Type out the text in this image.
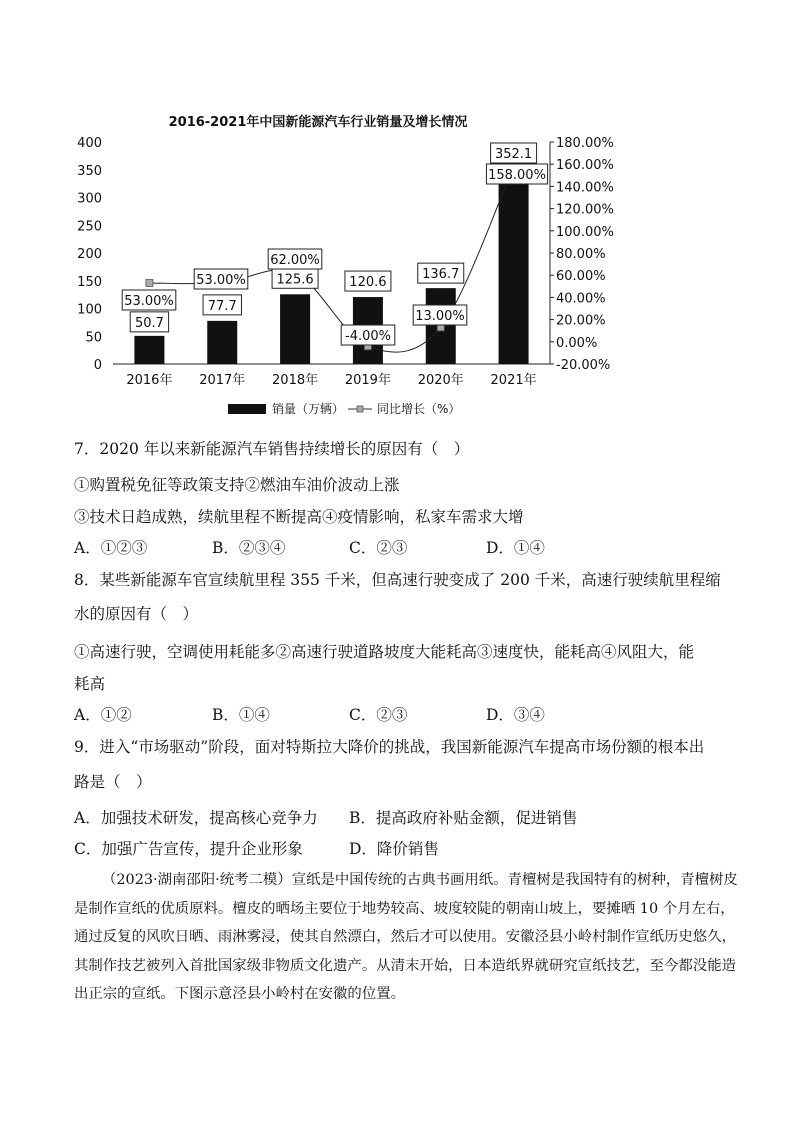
2016-2021年中国新能源汽车行业销量及增长情况
0
50
100
150
200
250
300
350
400
-20.00%
0.00%
20.00%
40.00%
60.00%
80.00%
100.00%
120.00%
140.00%
160.00%
180.00%
2016年 2017年 2018年 2019年 2020年 2021年
50.7
77.7
125.6	120.6
136.7
352.1
53.00%
53.00%
62.00%
-4.00%
13.00%
158.00%
销量（万辆）	同比增长（%）
7．2020 年以来新能源汽车销售持续增长的原因有（　）
①购置税免征等政策支持②燃油车油价波动上涨
③技术日趋成熟，续航里程不断提高④疫情影响，私家车需求大增
A．①②③	B．②③④	C．②③	D．①④
8．某些新能源车官宣续航里程 355 千米，但高速行驶变成了 200 千米，高速行驶续航里程缩
水的原因有（　）
①高速行驶，空调使用耗能多②高速行驶道路坡度大能耗高③速度快，能耗高④风阻大，能
耗高
A．①②	B．①④	C．②③	D．③④
9．进入“市场驱动”阶段，面对特斯拉大降价的挑战，我国新能源汽车提高市场份额的根本出
路是（　）
A．加强技术研发，提高核心竞争力 B．提高政府补贴金额，促进销售
C．加强广告宣传，提升企业形象	D．降价销售
（2023·湖南邵阳·统考二模）宣纸是中国传统的古典书画用纸。青檀树是我国特有的树种，青檀树皮是制作宣纸的优质原料。檀皮的晒场主要位于地势较高、坡度较陡的朝南山坡上，要摊晒 10 个月左右，通过反复的风吹日晒、雨淋雾浸，使其自然漂白，然后才可以使用。安徽泾县小岭村制作宣纸历史悠久，其制作技艺被列入首批国家级非物质文化遗产。从清末开始，日本造纸界就研究宣纸技艺，至今都没能造出正宗的宣纸。下图示意泾县小岭村在安徽的位置。
